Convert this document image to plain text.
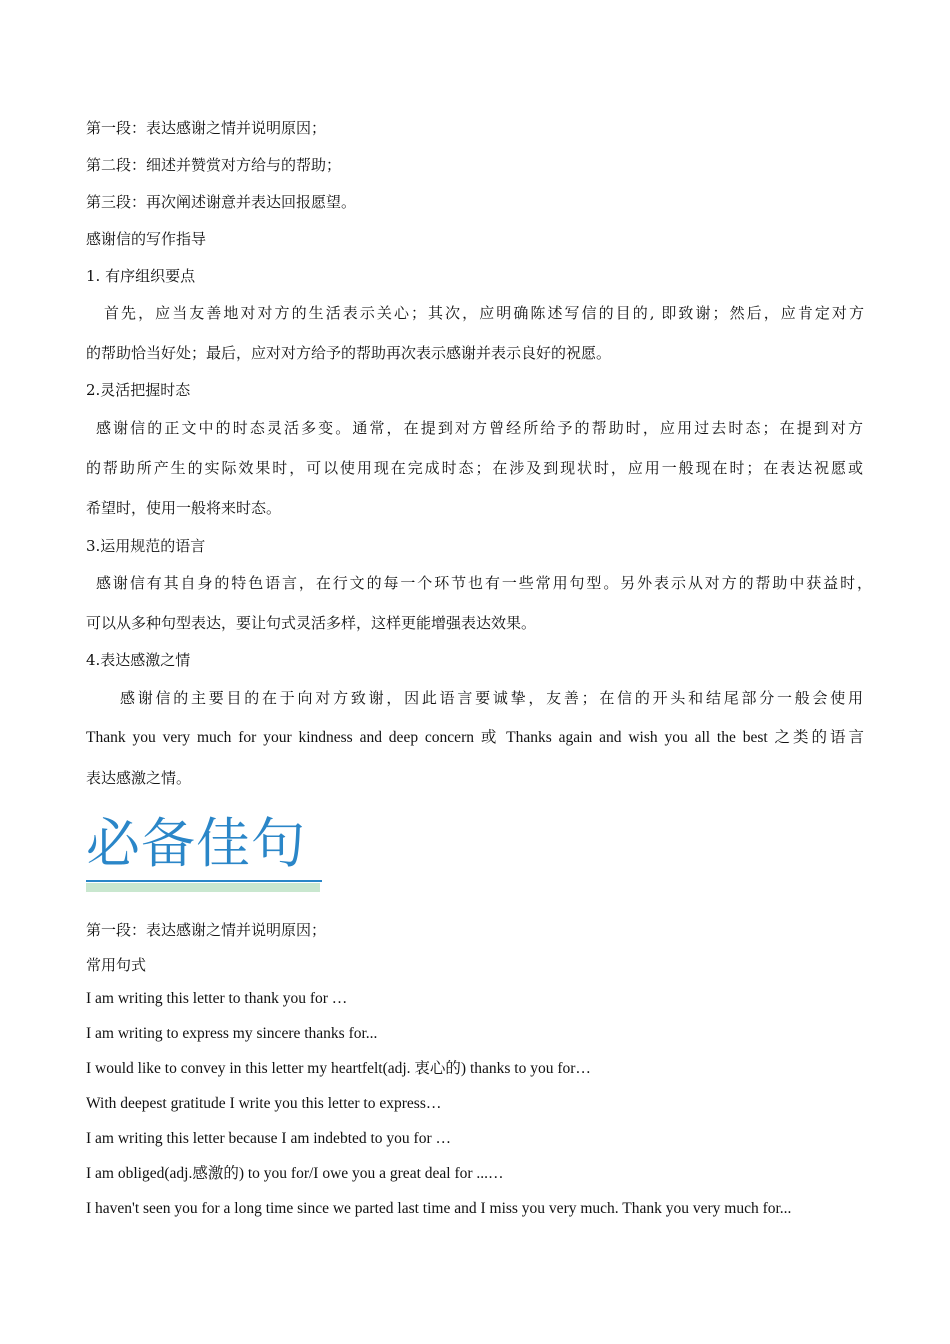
第一段：表达感谢之情并说明原因；
第二段：细述并赞赏对方给与的帮助；
第三段：再次阐述谢意并表达回报愿望。
感谢信的写作指导
1. 有序组织要点
首先，应当友善地对对方的生活表示关心；其次，应明确陈述写信的目的, 即致谢；然后，应肯定对方
的帮助恰当好处；最后，应对对方给予的帮助再次表示感谢并表示良好的祝愿。
2.灵活把握时态
感谢信的正文中的时态灵活多变。通常，在提到对方曾经所给予的帮助时，应用过去时态；在提到对方
的帮助所产生的实际效果时，可以使用现在完成时态；在涉及到现状时，应用一般现在时；在表达祝愿或
希望时，使用一般将来时态。
3.运用规范的语言
感谢信有其自身的特色语言，在行文的每一个环节也有一些常用句型。另外表示从对方的帮助中获益时，
可以从多种句型表达，要让句式灵活多样，这样更能增强表达效果。
4.表达感激之情
感谢信的主要目的在于向对方致谢，因此语言要诚挚，友善；在信的开头和结尾部分一般会使用
Thank you very much for your kindness and deep concern 或 Thanks again and wish you all the best 之类的语言
表达感激之情。
必备佳句
第一段：表达感谢之情并说明原因；
常用句式
I am writing this letter to thank you for …
I am writing to express my sincere thanks for...
I would like to convey in this letter my heartfelt(adj. 衷心的) thanks to you for…
With deepest gratitude I write you this letter to express…
I am writing this letter because I am indebted to you for …
I am obliged(adj.感激的) to you for/I owe you a great deal for ...…
I haven't seen you for a long time since we parted last time and I miss you very much. Thank you very much for...
